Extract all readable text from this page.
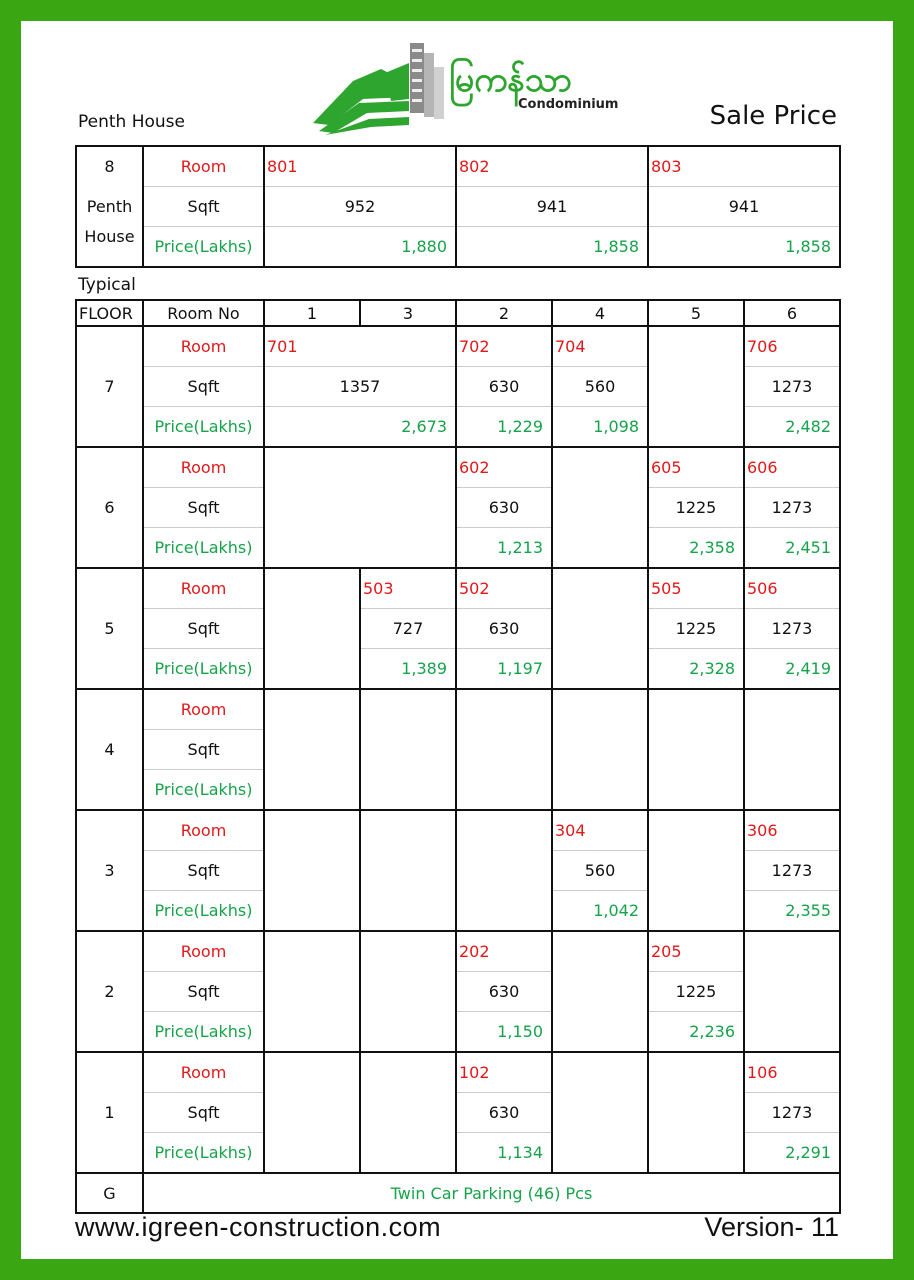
မြကန်သာ
Condominium
Penth House	Sale Price
8	Room	801	802	803
Penth	Sqft	952	941	941
House	Price(Lakhs)	1,880	1,858	1,858
Typical
FLOOR	Room No	1	3	2	4	5	6
7	Room	701		702	704		706
	Sqft	1357		630	560		1273
	Price(Lakhs)	2,673		1,229	1,098		2,482
6	Room			602		605	606
	Sqft			630		1225	1273
	Price(Lakhs)			1,213		2,358	2,451
5	Room		503	502		505	506
	Sqft		727	630		1225	1273
	Price(Lakhs)		1,389	1,197		2,328	2,419
4	Room						
	Sqft						
	Price(Lakhs)						
3	Room				304		306
	Sqft				560		1273
	Price(Lakhs)				1,042		2,355
2	Room			202		205	
	Sqft			630		1225	
	Price(Lakhs)			1,150		2,236	
1	Room			102			106
	Sqft			630			1273
	Price(Lakhs)			1,134			2,291
G	Twin Car Parking (46) Pcs						
www.igreen-construction.com	Version- 11
